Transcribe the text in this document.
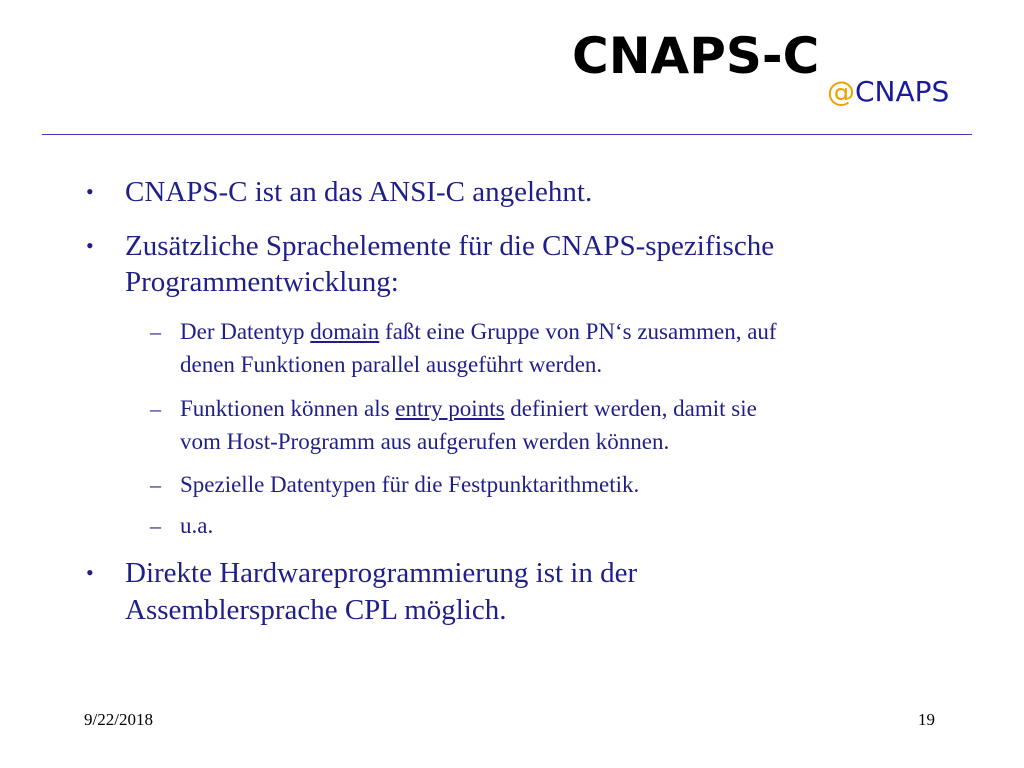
CNAPS-C
@CNAPS
• CNAPS-C ist an das ANSI-C angelehnt.
• Zusätzliche Sprachelemente für die CNAPS-spezifische
Programmentwicklung:
– Der Datentyp domain faßt eine Gruppe von PN‘s zusammen, auf
denen Funktionen parallel ausgeführt werden.
– Funktionen können als entry points definiert werden, damit sie
vom Host-Programm aus aufgerufen werden können.
– Spezielle Datentypen für die Festpunktarithmetik.
– u.a.
• Direkte Hardwareprogrammierung ist in der
Assemblersprache CPL möglich.
9/22/2018	19
